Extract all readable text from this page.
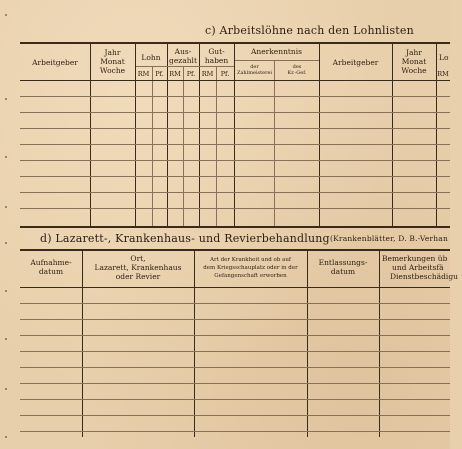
c) Arbeitslöhne nach den Lohnlisten
Arbeitgeber
Jahr
Monat
Woche
Lohn
Aus-
gezahlt
Gut-
haben
Anerkenntnis
der
Zahlmeisterei
des
Kr.-Gef.
Arbeitgeber
Jahr
Monat
Woche
Lo
RM Pf. RM Pf. RM	Pf.	RM
d) Lazarett-, Krankenhaus- und Revierbehandlung (Krankenblätter, D. B.-Verhan
Aufnahme-
datum
Ort,
Lazarett, Krankenhaus
oder Revier
Art der Krankheit und ob auf
dem Kriegsschauplatz oder in der
Gefangenschaft erworben
Entlassungs-
datum
Bemerkungen üb
und Arbeitsfä
Dienstbeschädigu
